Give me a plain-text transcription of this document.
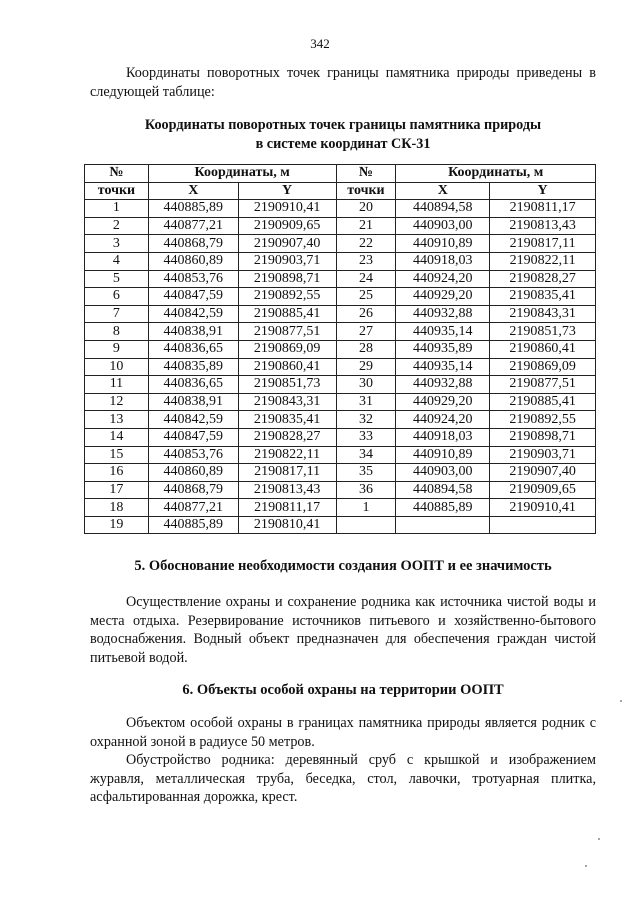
342

Координаты поворотных точек границы памятника природы приведены в следующей таблице:

Координаты поворотных точек границы памятника природы
в системе координат СК-31
№	Координаты, м		№	Координаты, м	
точки	X	Y	точки	X	Y
1	440885,89	2190910,41	20	440894,58	2190811,17
2	440877,21	2190909,65	21	440903,00	2190813,43
3	440868,79	2190907,40	22	440910,89	2190817,11
4	440860,89	2190903,71	23	440918,03	2190822,11
5	440853,76	2190898,71	24	440924,20	2190828,27
6	440847,59	2190892,55	25	440929,20	2190835,41
7	440842,59	2190885,41	26	440932,88	2190843,31
8	440838,91	2190877,51	27	440935,14	2190851,73
9	440836,65	2190869,09	28	440935,89	2190860,41
10	440835,89	2190860,41	29	440935,14	2190869,09
11	440836,65	2190851,73	30	440932,88	2190877,51
12	440838,91	2190843,31	31	440929,20	2190885,41
13	440842,59	2190835,41	32	440924,20	2190892,55
14	440847,59	2190828,27	33	440918,03	2190898,71
15	440853,76	2190822,11	34	440910,89	2190903,71
16	440860,89	2190817,11	35	440903,00	2190907,40
17	440868,79	2190813,43	36	440894,58	2190909,65
18	440877,21	2190811,17	1	440885,89	2190910,41
19	440885,89	2190810,41			
5. Обоснование необходимости создания ООПТ и ее значимость

Осуществление охраны и сохранение родника как источника чистой воды и места отдыха. Резервирование источников питьевого и хозяйственно-бытового водоснабжения. Водный объект предназначен для обеспечения граждан чистой питьевой водой.

6. Объекты особой охраны на территории ООПТ

Объектом особой охраны в границах памятника природы является родник с охранной зоной в радиусе 50 метров.

Обустройство родника: деревянный сруб с крышкой и изображением журавля, металлическая труба, беседка, стол, лавочки, тротуарная плитка, асфальтированная дорожка, крест.
